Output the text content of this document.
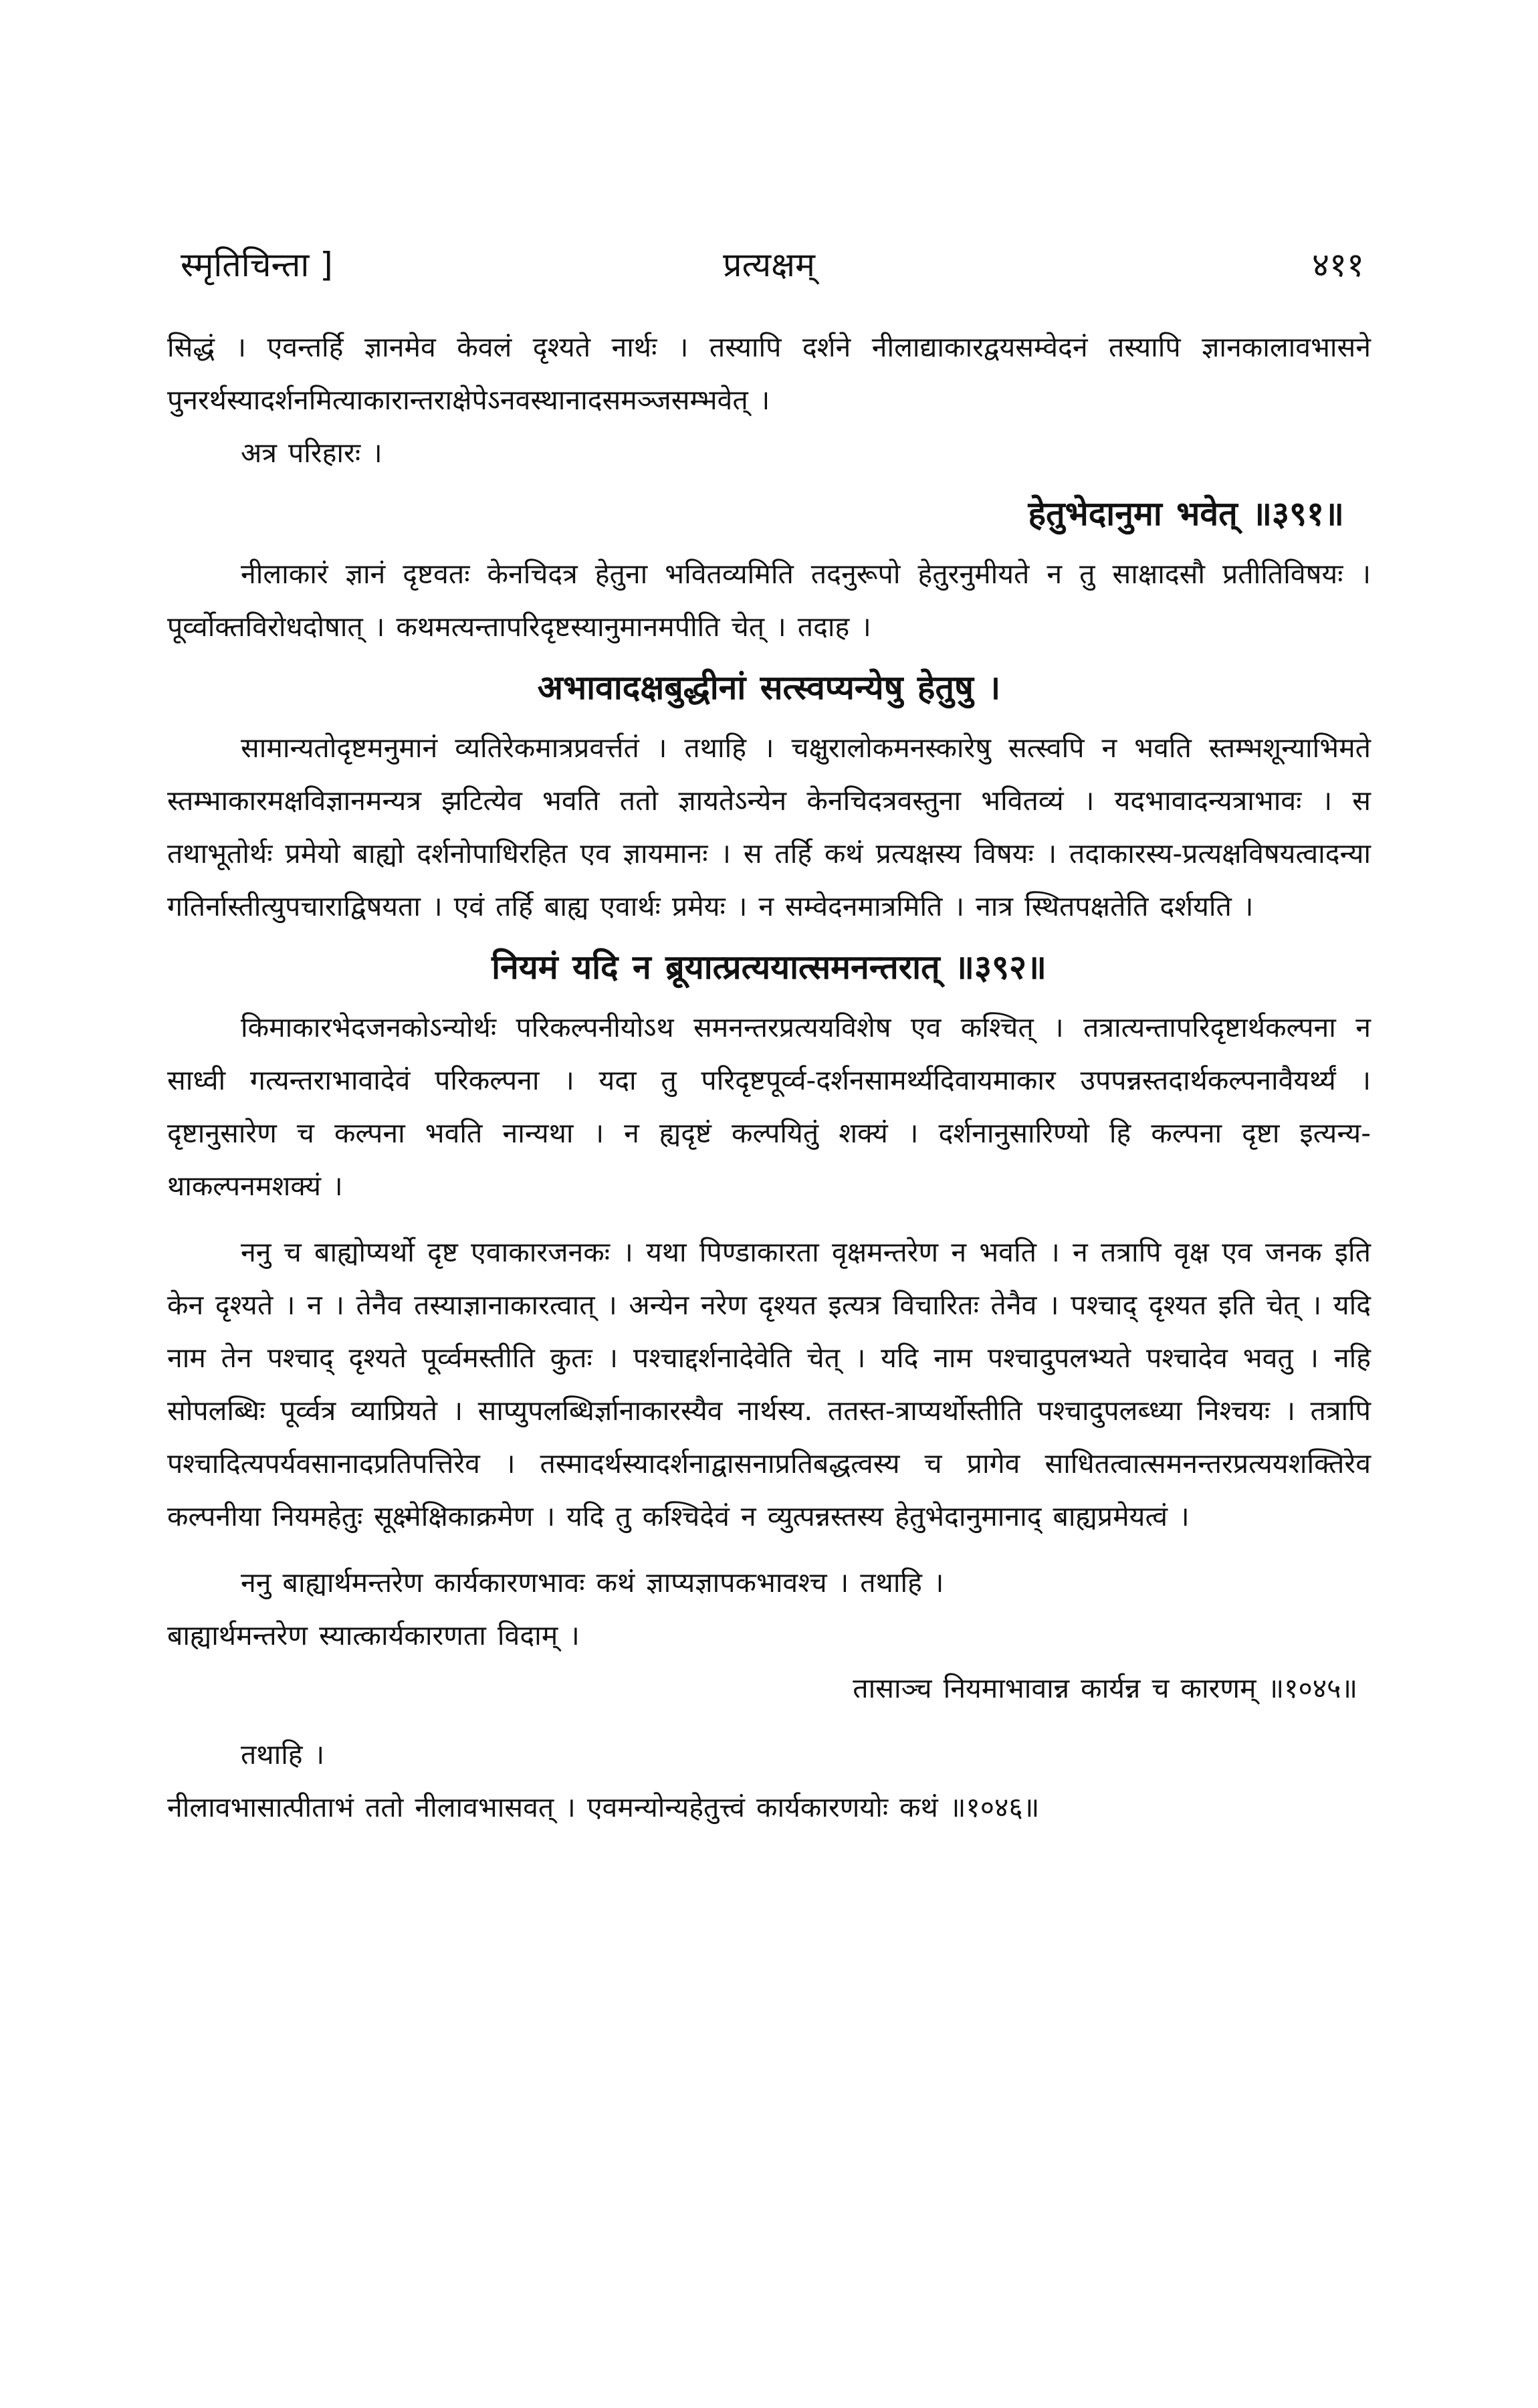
स्मृतिचिन्ता ]	प्रत्यक्षम्	४११

सिद्धं । एवन्तर्हि ज्ञानमेव केवलं दृश्यते नार्थः । तस्यापि दर्शने नीलाद्याकारद्वयसम्वेदनं तस्यापि ज्ञानकालावभासने पुनरर्थस्यादर्शनमित्याकारान्तराक्षेपेऽनवस्थानादसमञ्जसम्भवेत् ।

अत्र परिहारः ।

हेतुभेदानुमा भवेत् ॥३९१॥

नीलाकारं ज्ञानं दृष्टवतः केनचिदत्र हेतुना भवितव्यमिति तदनुरूपो हेतुरनुमीयते न तु साक्षादसौ प्रतीतिविषयः । पूर्व्वोक्तविरोधदोषात् । कथमत्यन्तापरिदृष्टस्यानुमानमपीति चेत् । तदाह ।

अभावादक्षबुद्धीनां सत्स्वप्यन्येषु हेतुषु ।

सामान्यतोदृष्टमनुमानं व्यतिरेकमात्रप्रवर्त्ततं । तथाहि । चक्षुरालोकमनस्कारेषु सत्स्वपि न भवति स्तम्भशून्याभिमते स्तम्भाकारमक्षविज्ञानमन्यत्र झटित्येव भवति ततो ज्ञायतेऽन्येन केनचिदत्रवस्तुना भवितव्यं । यदभावादन्यत्राभावः । स तथाभूतोर्थः प्रमेयो बाह्यो दर्शनोपाधिरहित एव ज्ञायमानः । स तर्हि कथं प्रत्यक्षस्य विषयः । तदाकारस्य-प्रत्यक्षविषयत्वादन्या गतिर्नास्तीत्युपचाराद्विषयता । एवं तर्हि बाह्य एवार्थः प्रमेयः । न सम्वेदनमात्रमिति । नात्र स्थितपक्षतेति दर्शयति ।

नियमं यदि न ब्रूयात्प्रत्ययात्समनन्तरात् ॥३९२॥

किमाकारभेदजनकोऽन्योर्थः परिकल्पनीयोऽथ समनन्तरप्रत्ययविशेष एव कश्चित् । तत्रात्यन्तापरिदृष्टार्थकल्पना न साध्वी गत्यन्तराभावादेवं परिकल्पना । यदा तु परिदृष्टपूर्व्व-दर्शनसामर्थ्यदिवायमाकार उपपन्नस्तदार्थकल्पनावैयर्थ्यं । दृष्टानुसारेण च कल्पना भवति नान्यथा । न ह्यदृष्टं कल्पयितुं शक्यं । दर्शनानुसारिण्यो हि कल्पना दृष्टा इत्यन्य-थाकल्पनमशक्यं ।

ननु च बाह्योप्यर्थो दृष्ट एवाकारजनकः । यथा पिण्डाकारता वृक्षमन्तरेण न भवति । न तत्रापि वृक्ष एव जनक इति केन दृश्यते । न । तेनैव तस्याज्ञानाकारत्वात् । अन्येन नरेण दृश्यत इत्यत्र विचारितः तेनैव । पश्चाद् दृश्यत इति चेत् । यदि नाम तेन पश्चाद् दृश्यते पूर्व्वमस्तीति कुतः । पश्चाद्दर्शनादेवेति चेत् । यदि नाम पश्चादुपलभ्यते पश्चादेव भवतु । नहि सोपलब्धिः पूर्व्वत्र व्याप्रियते । साप्युपलब्धिर्ज्ञानाकारस्यैव नार्थस्य. ततस्त-त्राप्यर्थोस्तीति पश्चादुपलब्ध्या निश्चयः । तत्रापि पश्चादित्यपर्यवसानादप्रतिपत्तिरेव । तस्मादर्थस्यादर्शनाद्वासनाप्रतिबद्धत्वस्य च प्रागेव साधितत्वात्समनन्तरप्रत्ययशक्तिरेव कल्पनीया नियमहेतुः सूक्ष्मेक्षिकाक्रमेण । यदि तु कश्चिदेवं न व्युत्पन्नस्तस्य हेतुभेदानुमानाद् बाह्यप्रमेयत्वं ।

ननु बाह्यार्थमन्तरेण कार्यकारणभावः कथं ज्ञाप्यज्ञापकभावश्च । तथाहि ।

बाह्यार्थमन्तरेण स्यात्कार्यकारणता विदाम् ।

तासाञ्च नियमाभावान्न कार्यन्न च कारणम् ॥१०४५॥

तथाहि ।

नीलावभासात्पीताभं ततो नीलावभासवत् । एवमन्योन्यहेतुत्त्वं कार्यकारणयोः कथं ॥१०४६॥
